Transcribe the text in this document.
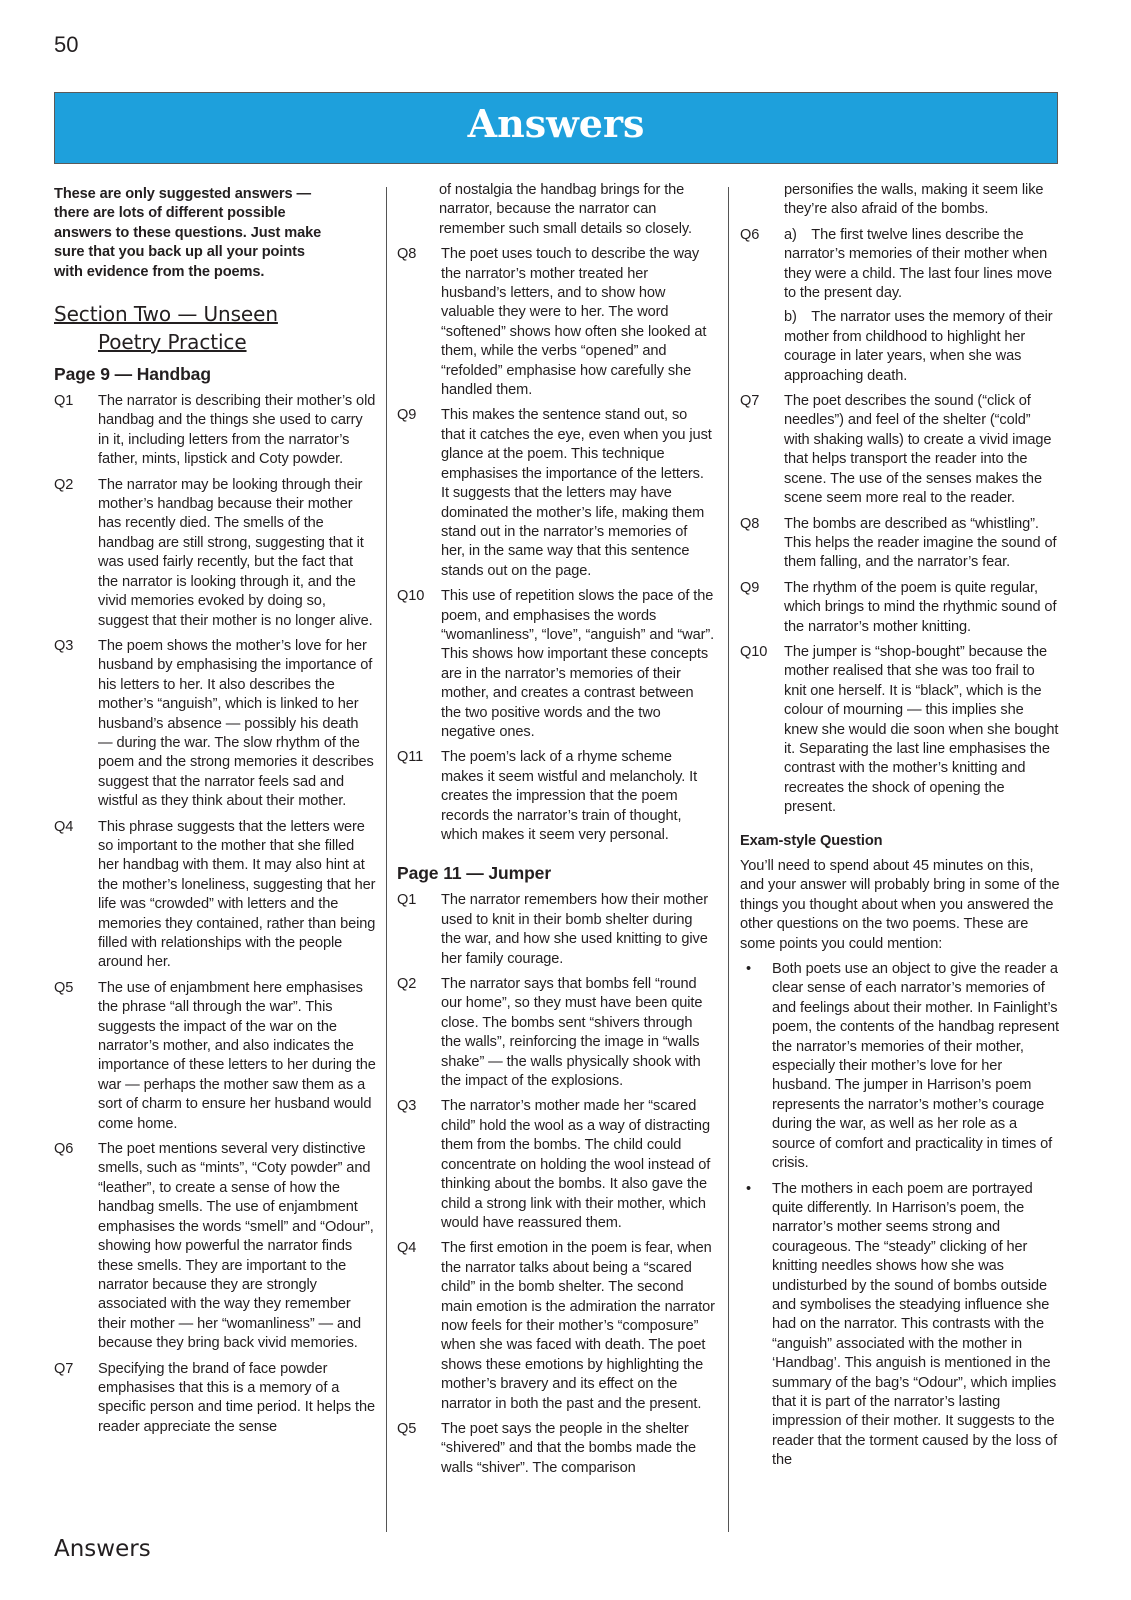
50
Answers
These are only suggested answers — there are lots of different possible answers to these questions. Just make sure that you back up all your points with evidence from the poems.
Section Two — Unseen
Poetry Practice
Page 9 — Handbag
Q1	The narrator is describing their mother’s old handbag and the things she used to carry in it, including letters from the narrator’s father, mints, lipstick and Coty powder.
Q2	The narrator may be looking through their mother’s handbag because their mother has recently died. The smells of the handbag are still strong, suggesting that it was used fairly recently, but the fact that the narrator is looking through it, and the vivid memories evoked by doing so, suggest that their mother is no longer alive.
Q3	The poem shows the mother’s love for her husband by emphasising the importance of his letters to her. It also describes the mother’s “anguish”, which is linked to her husband’s absence — possibly his death — during the war. The slow rhythm of the poem and the strong memories it describes suggest that the narrator feels sad and wistful as they think about their mother.
Q4	This phrase suggests that the letters were so important to the mother that she filled her handbag with them. It may also hint at the mother’s loneliness, suggesting that her life was “crowded” with letters and the memories they contained, rather than being filled with relationships with the people around her.
Q5	The use of enjambment here emphasises the phrase “all through the war”. This suggests the impact of the war on the narrator’s mother, and also indicates the importance of these letters to her during the war — perhaps the mother saw them as a sort of charm to ensure her husband would come home.
Q6	The poet mentions several very distinctive smells, such as “mints”, “Coty powder” and “leather”, to create a sense of how the handbag smells. The use of enjambment emphasises the words “smell” and “Odour”, showing how powerful the narrator finds these smells. They are important to the narrator because they are strongly associated with the way they remember their mother — her “womanliness” — and because they bring back vivid memories.
Q7	Specifying the brand of face powder emphasises that this is a memory of a specific person and time period. It helps the reader appreciate the sense
of nostalgia the handbag brings for the narrator, because the narrator can remember such small details so closely.
Q8	The poet uses touch to describe the way the narrator’s mother treated her husband’s letters, and to show how valuable they were to her. The word “softened” shows how often she looked at them, while the verbs “opened” and “refolded” emphasise how carefully she handled them.
Q9	This makes the sentence stand out, so that it catches the eye, even when you just glance at the poem. This technique emphasises the importance of the letters. It suggests that the letters may have dominated the mother’s life, making them stand out in the narrator’s memories of her, in the same way that this sentence stands out on the page.
Q10	This use of repetition slows the pace of the poem, and emphasises the words “womanliness”, “love”, “anguish” and “war”. This shows how important these concepts are in the narrator’s memories of their mother, and creates a contrast between the two positive words and the two negative ones.
Q11	The poem’s lack of a rhyme scheme makes it seem wistful and melancholy. It creates the impression that the poem records the narrator’s train of thought, which makes it seem very personal.
Page 11 — Jumper
Q1	The narrator remembers how their mother used to knit in their bomb shelter during the war, and how she used knitting to give her family courage.
Q2	The narrator says that bombs fell “round our home”, so they must have been quite close. The bombs sent “shivers through the walls”, reinforcing the image in “walls shake” — the walls physically shook with the impact of the explosions.
Q3	The narrator’s mother made her “scared child” hold the wool as a way of distracting them from the bombs. The child could concentrate on holding the wool instead of thinking about the bombs. It also gave the child a strong link with their mother, which would have reassured them.
Q4	The first emotion in the poem is fear, when the narrator talks about being a “scared child” in the bomb shelter. The second main emotion is the admiration the narrator now feels for their mother’s “composure” when she was faced with death. The poet shows these emotions by highlighting the mother’s bravery and its effect on the narrator in both the past and the present.
Q5	The poet says the people in the shelter “shivered” and that the bombs made the walls “shiver”. The comparison
personifies the walls, making it seem like they’re also afraid of the bombs.
Q6	a) The first twelve lines describe the narrator’s memories of their mother when they were a child. The last four lines move to the present day.
b) The narrator uses the memory of their mother from childhood to highlight her courage in later years, when she was approaching death.
Q7	The poet describes the sound (“click of needles”) and feel of the shelter (“cold” with shaking walls) to create a vivid image that helps transport the reader into the scene. The use of the senses makes the scene seem more real to the reader.
Q8	The bombs are described as “whistling”. This helps the reader imagine the sound of them falling, and the narrator’s fear.
Q9	The rhythm of the poem is quite regular, which brings to mind the rhythmic sound of the narrator’s mother knitting.
Q10	The jumper is “shop-bought” because the mother realised that she was too frail to knit one herself. It is “black”, which is the colour of mourning — this implies she knew she would die soon when she bought it. Separating the last line emphasises the contrast with the mother’s knitting and recreates the shock of opening the present.
Exam-style Question
You’ll need to spend about 45 minutes on this, and your answer will probably bring in some of the things you thought about when you answered the other questions on the two poems. These are some points you could mention:
•	Both poets use an object to give the reader a clear sense of each narrator’s memories of and feelings about their mother. In Fainlight’s poem, the contents of the handbag represent the narrator’s memories of their mother, especially their mother’s love for her husband. The jumper in Harrison’s poem represents the narrator’s mother’s courage during the war, as well as her role as a source of comfort and practicality in times of crisis.
•	The mothers in each poem are portrayed quite differently. In Harrison’s poem, the narrator’s mother seems strong and courageous. The “steady” clicking of her knitting needles shows how she was undisturbed by the sound of bombs outside and symbolises the steadying influence she had on the narrator. This contrasts with the “anguish” associated with the mother in ‘Handbag’. This anguish is mentioned in the summary of the bag’s “Odour”, which implies that it is part of the narrator’s lasting impression of their mother. It suggests to the reader that the torment caused by the loss of the
Answers
